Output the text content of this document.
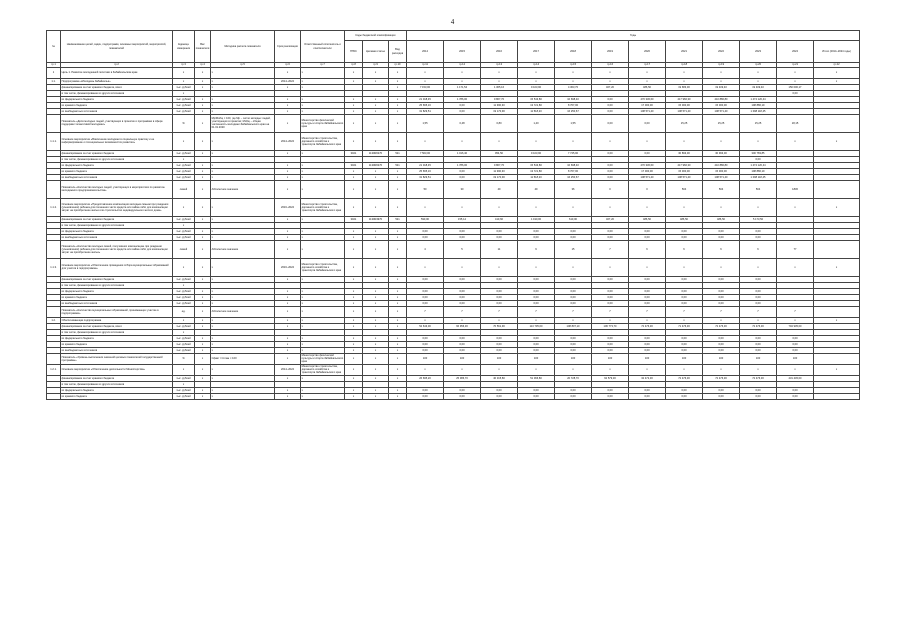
4
№	Наименование целей, задач, подпрограмм, основных мероприятий, мероприятий, показателей	Единица измерения	Вес показателя	Методика расчета показателя	Срок реализации	Ответственный исполнитель и соисполнители	Коды бюджетной классификации			Годы											
							ГРБС	Целевая статья	Вид расходов	2014	2015	2016	2017	2018	2019	2020	2021	2022	2023	2024	Итого (2014–2024 годы)
гр.1	гр.2	гр.3	гр.4	гр.5	гр.6	гр.7	гр.8	гр.9	гр.10	гр.11	гр.12	гр.13	гр.14	гр.15	гр.16	гр.17	гр.18	гр.19	гр.20	гр.21	гр.22
1	Цель 1. Развитие молодежной политики в Забайкальском крае	х	х	х	х	х	х	х	х	х	х	х	х	х	х	х	х	х	х	х	х
1.1.	Подпрограмма «Молодежь Забайкалья»	х	х	х	2014–2024	х	х	х	х	х	х	х	х	х	х	х	х	х	х	х	х
	финансирование за счет краевого бюджета, всего	тыс. рублей	х	х	х	х			х	7 153,00	1 171,54	1 365,16	9 103,90	4 363,70	467,20	486,50	19 683,00	19 409,40	19 409,40	150 000,17	
	в том числе, финансирование из других источников	х																		0,00	
	из федерального бюджета	тыс. рублей	х	х	х	х	х	х	х	21 018,45	1 786,00	9 867,70	15 543,80	10 698,40	0,00	470 336,60	417 966,30	410 886,80	1 474 120,44		
	из краевого бюджета	тыс. рублей	х	х	х	х	х	х	х	25 665,16	0,00	11 390,30	13 721,80	8 767,00	0,00	17 000,00	15 000,00	15 000,00	198 886,19		
	из внебюджетных источников	тыс. рублей	х	х	х	х	х	х	х	31 829,51	0,00	19 170,90	11 518,20	16 250,67	0,00	108 571,40	108 571,40	108 571,40	1 098 118,45		
	Показатель «Доля молодых людей, участвующих в проектах и программах в сфере поддержки талантливой молодежи»	%	х	Мр/Мобщ × 100, где Мр – число молодых людей, участвующих в проектах; Мобщ – общая численность молодежи Забайкальского края на 01.01.2020	х	Министерство физической культуры и спорта Забайкальского края	х	х	х	1,55	0,48	0,80	1,40	1,55	0,00	0,00	15,25	15,25	15,25	18,15	
1.1.1.	Основное мероприятие «Вовлечение молодежи в социальную практику и ее информирование о потенциальных возможностях развития»	х	х	х	2014–2024	Министерство строительства, дорожного хозяйства и транспорта Забайкальского края	х	х	х	х	х	х	х	х	х	х	х	х	х	х	х
	финансирование за счет краевого бюджета	тыс. рублей	х	х	х	х	3021	1130R0270	521	7 563,00	1 016,40	954,50	9 103,90	7 745,90	0,00	0,00	30 893,00	30 993,00	300 783,85		
	в том числе, финансирование из других источников	х																	0,00		
	из федерального бюджета	тыс. рублей	х	х	х	х	3021	1130R0270	521	21 018,45	1 786,00	9 867,70	15 543,80	10 698,40	0,00	470 336,60	417 966,30	410 886,80	1 474 120,44		
	из краевого бюджета	тыс. рублей	х	х	х	х	х	х	х	25 665,16	0,00	11 390,30	13 721,80	8 767,00	0,00	17 000,00	15 000,00	15 000,00	198 886,19		
	из внебюджетных источников	тыс. рублей	х	х	х	х	х	х	х	31 829,51	0,00	19 170,90	11 518,20	16 250,67	0,00	108 571,40	108 571,40	108 571,40	1 098 118,45		
	Показатель «Количество молодых людей, участвующих в мероприятиях по развитию молодежного предпринимательства»	семей	х	Абсолютное значение	х	х	х	х	х	50	30	49	49	36	0	0	504	504	504	1836	
1.1.2.	Основное мероприятие «Предоставление компенсации молодым семьям при рождении (усыновлении) ребенка для погашения части кредита или займа либо для компенсации затрат на приобретение жилья или строительство индивидуального жилого дома»	х	х	х	2016–2024	Министерство строительства, дорожного хозяйства и транспорта Забайкальского края	х	х	х	х	х	х	х	х	х	х	х	х	х	х	х
	финансирование за счет краевого бюджета	тыс. рублей	х	х	х	х	3021	1130R4970	521	590,00	155,14	410,66	1 190,00	610,00	467,20	486,50	486,50	486,50	5 173,50		
	в том числе, финансирование из других источников	х																			
	из федерального бюджета	тыс. рублей	х	х	х	х	х	х	х	0,00	0,00	0,00	0,00	0,00	0,00	0,00	0,00	0,00	0,00		
	из внебюджетных источников	тыс. рублей	х	х	х	х	х	х	х	0,00	0,00	0,00	0,00	0,00	0,00	0,00	0,00	0,00	0,00		
	Показатель «Количество молодых семей, получивших компенсацию при рождении (усыновлении) ребенка для погашения части кредита или займа либо для компенсации затрат на приобретение жилья»	семей	х	Абсолютное значение	х	х	х	х	х	4	5	11	9	15	7	6	6	6	6	77	
1.1.3.	Основное мероприятие «Обеспечение проведения отбора муниципальных образований для участия в подпрограмме»	х	х	х	2016–2024	Министерство строительства, дорожного хозяйства и транспорта Забайкальского края	х	х	х	х	х	х	х	х	х	х	х	х	х	х	х
	финансирование за счет краевого бюджета	тыс. рублей	х	х	х	х	х	х	х	0,00	0,00	0,00	0,00	0,00	0,00	0,00	0,00	0,00	0,00		
	в том числе, финансирование из других источников	х																			
	из федерального бюджета	тыс. рублей	х	х	х	х	х	х	х	0,00	0,00	0,00	0,00	0,00	0,00	0,00	0,00	0,00	0,00		
	из краевого бюджета	тыс. рублей	х	х	х	х	х	х	х	0,00	0,00	0,00	0,00	0,00	0,00	0,00	0,00	0,00	0,00		
	из внебюджетных источников	тыс. рублей	х	х	х	х	х	х	х	0,00	0,00	0,00	0,00	0,00	0,00	0,00	0,00	0,00	0,00		
	Показатель «Количество муниципальных образований, принимающих участие в подпрограмме»	ед.	х	Абсолютное значение	х	х	х	х	х	7	7	7	7	7	7	7	7	7	7	7	
1.2.	Обеспечивающая подпрограмма	х	х	х	х	х	х	х	х	х	х	х	х	х	х	х	х	х	х	х	х
	финансирование за счет краевого бюджета, всего	тыс. рублей	х	х	х	х	х	х	х	52 643,00	66 956,30	70 561,90	113 705,60	108 807,10	106 773,70	72 476,30	71 476,30	72 476,30	72 476,30	794 905,00	
	в том числе, финансирование из других источников	х																			
	из федерального бюджета	тыс. рублей	х	х	х	х	х	х	х	0,00	0,00	0,00	0,00	0,00	0,00	0,00	0,00	0,00	0,00	0,00	
	из краевого бюджета	тыс. рублей	х	х	х	х	х	х	х	0,00	0,00	0,00	0,00	0,00	0,00	0,00	0,00	0,00	0,00	0,00	
	из внебюджетных источников	тыс. рублей	х	х	х	х	х	х	х	0,00	0,00	0,00	0,00	0,00	0,00	0,00	0,00	0,00	0,00	0,00	
	Показатель «Уровень выполнения значений целевых показателей государственной программы»	%	х	Сфакт / Сплан × 100	х	Министерство физической культуры и спорта Забайкальского края	х	х	х	100	100	100	100	100	100	100	100	100	100	100	
1.2.1.	Основное мероприятие «Обеспечение деятельности Министерства»	х	х	х	2014–2024	Министерство строительства, дорожного хозяйства и транспорта Забайкальского края	х	х	х	х	х	х	х	х	х	х	х	х	х	х	х
	финансирование за счет краевого бюджета	тыс. рублей	х	х	х	х	х	х	х	26 695,20	25 386,70	40 315,80	51 066,80	20 728,70	62 579,30	32 472,30	72 476,30	72 476,30	72 476,30	431 445,00	
	в том числе, финансирование из других источников	х																			
	из федерального бюджета	тыс. рублей	х	х	х	х	х	х	х	0,00	0,00	0,00	0,00	0,00	0,00	0,00	0,00	0,00	0,00	0,00	
	из краевого бюджета	тыс. рублей	х	х	х	х	х	х	х	0,00	0,00	0,00	0,00	0,00	0,00	0,00	0,00	0,00	0,00	0,00	
